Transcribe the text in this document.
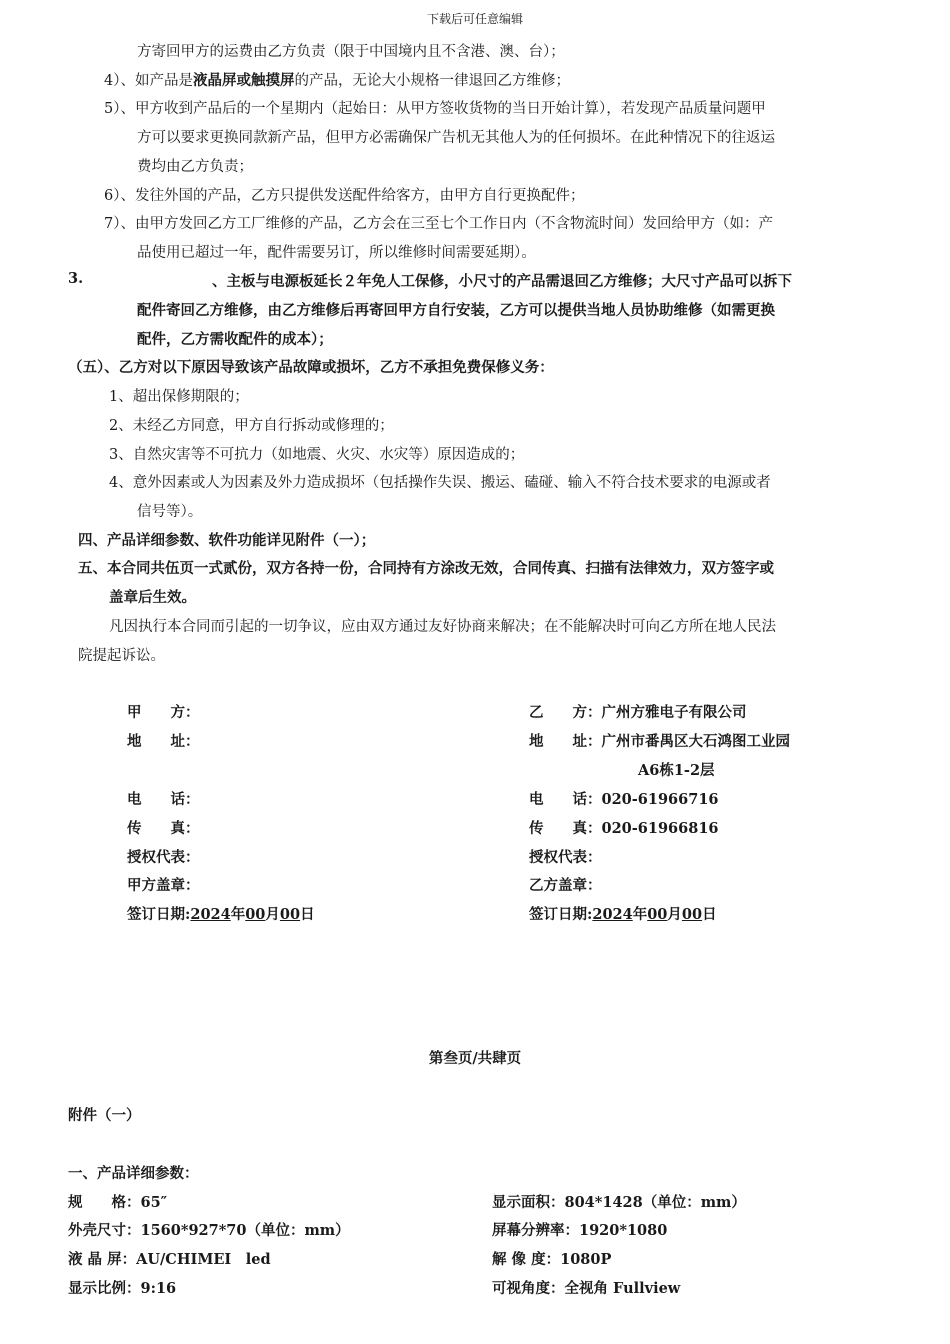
下载后可任意编辑
方寄回甲方的运费由乙方负责（限于中国境内且不含港、澳、台）；
4）、如产品是液晶屏或触摸屏的产品，无论大小规格一律退回乙方维修；
5）、甲方收到产品后的一个星期内（起始日：从甲方签收货物的当日开始计算），若发现产品质量问题甲
方可以要求更换同款新产品，但甲方必需确保广告机无其他人为的任何损坏。在此种情况下的往返运
费均由乙方负责；
6）、发往外国的产品，乙方只提供发送配件给客方，由甲方自行更换配件；
7）、由甲方发回乙方工厂维修的产品，乙方会在三至七个工作日内（不含物流时间）发回给甲方（如：产
品使用已超过一年，配件需要另订，所以维修时间需要延期）。
3.	、主板与电源板延长２年免人工保修，小尺寸的产品需退回乙方维修；大尺寸产品可以拆下
配件寄回乙方维修，由乙方维修后再寄回甲方自行安装，乙方可以提供当地人员协助维修（如需更换
配件，乙方需收配件的成本）；
（五）、乙方对以下原因导致该产品故障或损坏，乙方不承担免费保修义务：
1、超出保修期限的；
2、未经乙方同意，甲方自行拆动或修理的；
3、自然灾害等不可抗力（如地震、火灾、水灾等）原因造成的；
4、意外因素或人为因素及外力造成损坏（包括操作失误、搬运、磕碰、输入不符合技术要求的电源或者
信号等）。
四、产品详细参数、软件功能详见附件（一）；
五、本合同共伍页一式贰份，双方各持一份，合同持有方涂改无效，合同传真、扫描有法律效力，双方签字或
盖章后生效。
凡因执行本合同而引起的一切争议，应由双方通过友好协商来解决；在不能解决时可向乙方所在地人民法
院提起诉讼。
甲　　方：
地　　址：
电　　话：
传　　真：
授权代表：
甲方盖章：
签订日期:2024年00月00日
乙　　方：广州方雅电子有限公司
地　　址：广州市番禺区大石鸿图工业园
A6栋1-2层
电　　话：020-61966716
传　　真：020-61966816
授权代表：
乙方盖章：
签订日期:2024年00月00日
第叁页/共肆页
附件（一）
一、产品详细参数：
规　　格：65″
外壳尺寸：1560*927*70（单位：mm）
液 晶 屏：AU/CHIMEI　led
显示比例：9:16
显示面积：804*1428（单位：mm）
屏幕分辨率：1920*1080
解 像 度：1080P
可视角度：全视角 Fullview
